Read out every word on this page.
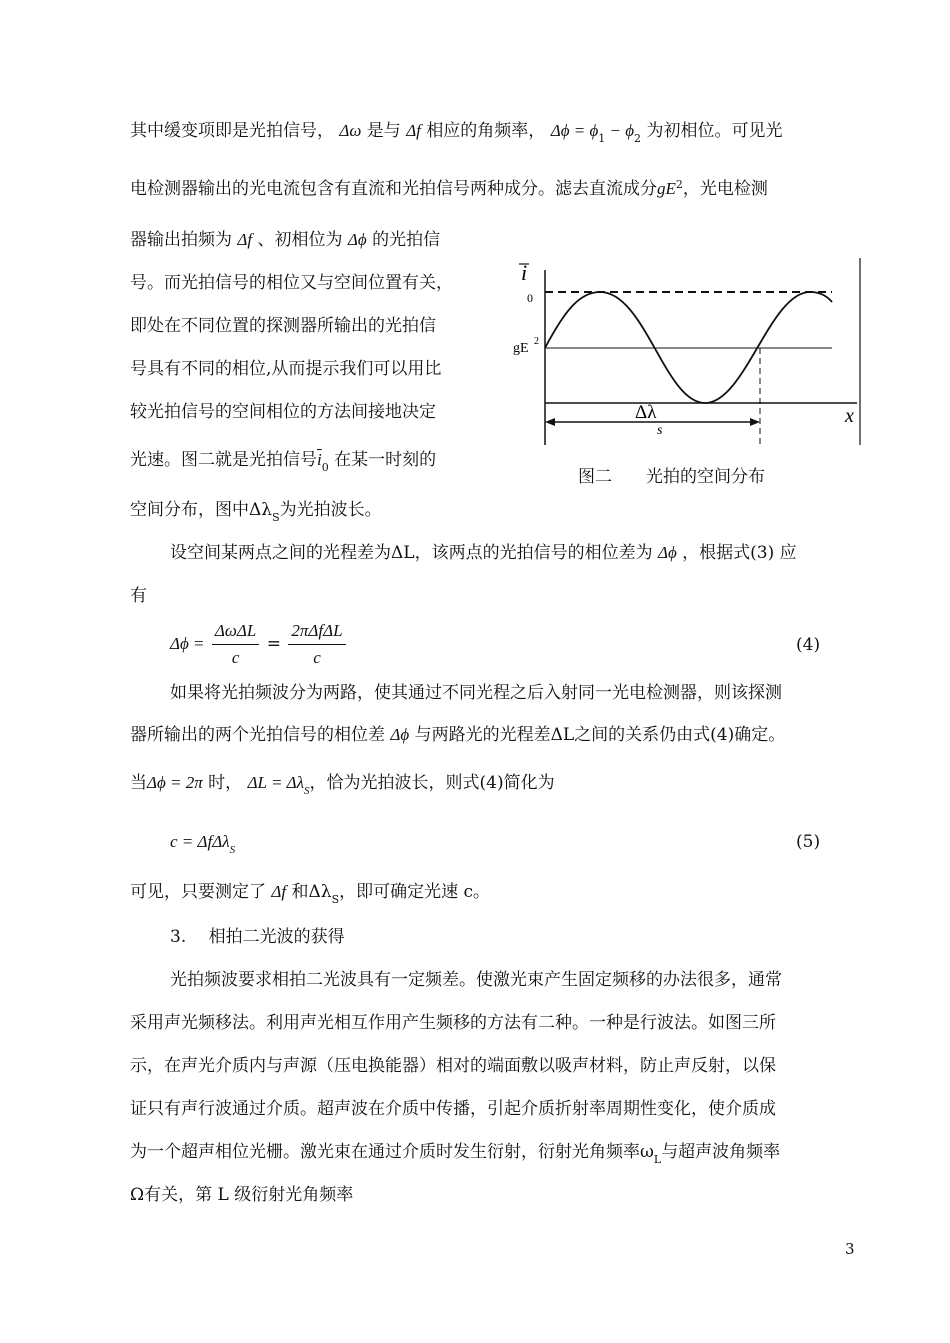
其中缓变项即是光拍信号， Δω 是与 Δf 相应的角频率， $\Delta\phi = \phi_1 - \phi_2$ 为初相位。可见光
电检测器输出的光电流包含有直流和光拍信号两种成分。滤去直流成分$gE^2$，光电检测
器输出拍频为 Δf 、初相位为 Δϕ 的光拍信
号。而光拍信号的相位又与空间位置有关，
即处在不同位置的探测器所输出的光拍信
号具有不同的相位,从而提示我们可以用比
较光拍信号的空间相位的方法间接地决定
光速。图二就是光拍信号$\overline{i}_0$ 在某一时刻的
空间分布，图中$\Delta\lambda_S$为光拍波长。
i
0
gE 2
x
Δλ
s
图二　　光拍的空间分布
设空间某两点之间的光程差为ΔL，该两点的光拍信号的相位差为 Δϕ ，根据式(3) 应
有
$\Delta\phi = \frac{\text{ΔωΔL}}{c} = \frac{\text{2πΔfΔL}}{c}$	(4)
如果将光拍频波分为两路，使其通过不同光程之后入射同一光电检测器，则该探测
器所输出的两个光拍信号的相位差 Δϕ 与两路光的光程差ΔL之间的关系仍由式(4)确定。
当Δϕ = 2π 时， $\Delta L = \Delta\lambda_S$，恰为光拍波长，则式(4)简化为
c = ΔfΔλ$_S$	(5)
可见，只要测定了 Δf 和$\Delta\lambda_S$，即可确定光速 c。
3.　 相拍二光波的获得
光拍频波要求相拍二光波具有一定频差。使激光束产生固定频移的办法很多，通常
采用声光频移法。利用声光相互作用产生频移的方法有二种。一种是行波法。如图三所
示，在声光介质内与声源（压电换能器）相对的端面敷以吸声材料，防止声反射，以保
证只有声行波通过介质。超声波在介质中传播，引起介质折射率周期性变化，使介质成
为一个超声相位光栅。激光束在通过介质时发生衍射，衍射光角频率$\omega_L$与超声波角频率
Ω有关，第 L 级衍射光角频率
3
